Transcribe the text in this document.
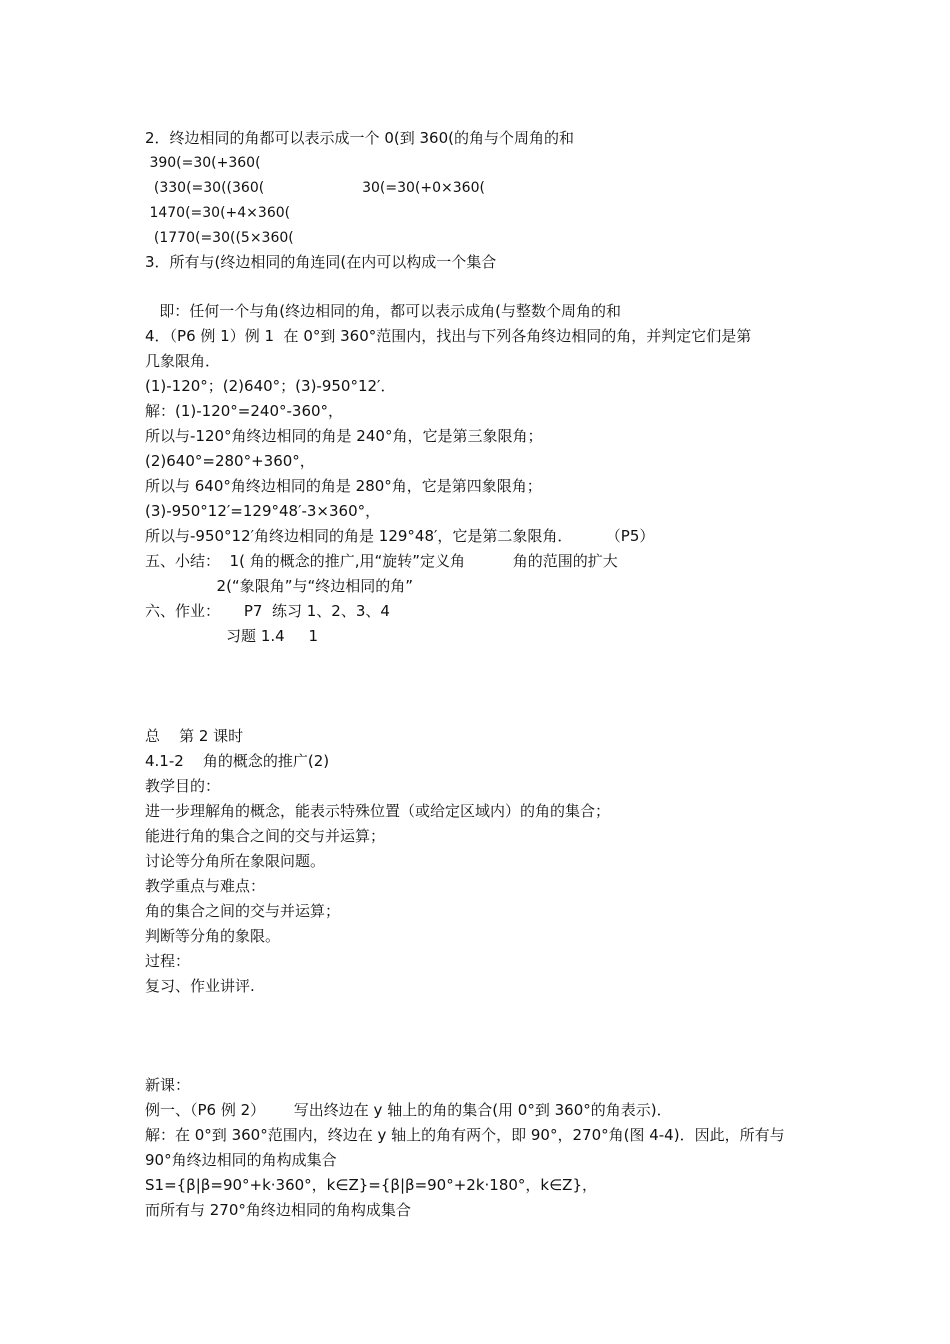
2．终边相同的角都可以表示成一个 0(到 360(的角与个周角的和
390(=30(+360(
(330(=30((360(                      30(=30(+0×360(
1470(=30(+4×360(
(1770(=30((5×360(
3．所有与(终边相同的角连同(在内可以构成一个集合
即：任何一个与角(终边相同的角，都可以表示成角(与整数个周角的和
4．（P6 例 1）例 1  在 0°到 360°范围内，找出与下列各角终边相同的角，并判定它们是第
几象限角．
(1)-120°；(2)640°；(3)-950°12′．
解：(1)-120°=240°-360°，
所以与-120°角终边相同的角是 240°角，它是第三象限角；
(2)640°=280°+360°，
所以与 640°角终边相同的角是 280°角，它是第四象限角；
(3)-950°12′=129°48′-3×360°，
所以与-950°12′角终边相同的角是 129°48′，它是第二象限角．       （P5）
五、小结：  1( 角的概念的推广,用“旋转”定义角          角的范围的扩大
2(“象限角”与“终边相同的角”
六、作业：     P7  练习 1、2、3、4
习题 1.4     1
总    第 2 课时
4.1-2    角的概念的推广(2)
教学目的：
进一步理解角的概念，能表示特殊位置（或给定区域内）的角的集合；
能进行角的集合之间的交与并运算；
讨论等分角所在象限问题。
教学重点与难点：
角的集合之间的交与并运算；
判断等分角的象限。
过程：
复习、作业讲评.
新课：
例一、（P6 例 2）      写出终边在 y 轴上的角的集合(用 0°到 360°的角表示)．
解：在 0°到 360°范围内，终边在 y 轴上的角有两个，即 90°，270°角(图 4-4)．因此，所有与
90°角终边相同的角构成集合
S1={β|β=90°+k·360°，k∈Z}={β|β=90°+2k·180°，k∈Z}，
而所有与 270°角终边相同的角构成集合
